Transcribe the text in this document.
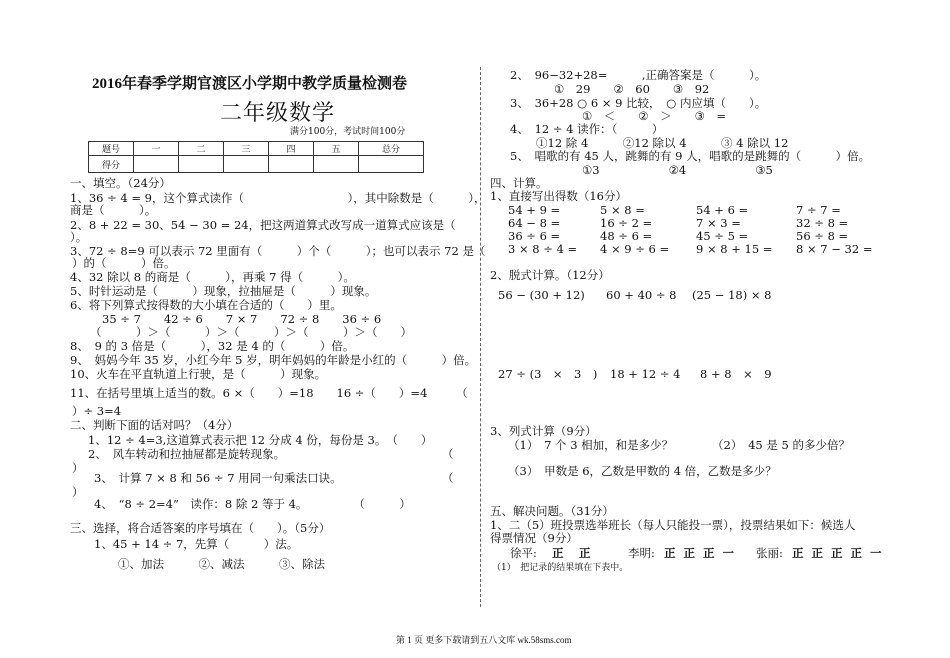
2016年春季学期官渡区小学期中教学质量检测卷
二年级数学
满分100分，考试时间100分
题号	一	二	三	四	五	总分
得分						
一、填空。（24分）
1、36 ÷ 4 = 9，这个算式读作（　　　　　　　　　），其中除数是（　　　），
商是（　　　）。
2、8 + 22 = 30、54 − 30 = 24，把这两道算式改写成一道算式应该是（
）。
3、72 ÷ 8=9 可以表示 72 里面有（　　　）个（　　　）；也可以表示 72 是（
）的（　　　）倍。
4、32 除以 8 的商是（　　　），再乘 7 得（　　　）。
5、时针运动是（　　　）现象，拉抽屉是（　　　）现象。
6、将下列算式按得数的大小填在合适的（　　）里。
35 ÷ 7　　42 ÷ 6　　7 × 7　　72 ÷ 8　　36 ÷ 6
（　　　）＞（　　　）＞（　　　）＞（　　　）＞（　　）
8、　9 的 3 倍是（　　　），32 是 4 的（　　　）倍。
9、　妈妈今年 35 岁，小红今年 5 岁，明年妈妈的年龄是小红的（　　　）倍。
10、火车在平直轨道上行驶，是（　　　）现象。
11、在括号里填上适当的数。6 ×（　　）=18　　16 ÷（　　）=4　　　（
）÷ 3=4
二、判断下面的话对吗？（4分）
1、12 ÷ 4=3,这道算式表示把 12 分成 4 份，每份是 3。　（　　）
2、　风车转动和拉抽屉都是旋转现象。	（
）
3、　计算 7 × 8 和 56 ÷ 7 用同一句乘法口诀。	（
）
4、　“8 ÷ 2=4”　读作：8 除 2 等于 4。　　　　　（　　　）
三、选择，将合适答案的序号填在（　　）。（5分）
1、45 + 14 ÷ 7，先算（　　　）法。
①、加法　　　②、减法　　　③、除法
2、　96−32+28=　　　,正确答案是（　　　）。
①　29　　②　60　　③　92
3、　36+28 ○ 6 × 9 比较，　○ 内应填（　　）。
①　＜　　②　＞　　③　=
4、　12 ÷ 4 读作：（　　　）
①12 除 4　　　②12 除以 4　　　③ 4 除以 12
5、　唱歌的有 45 人，跳舞的有 9 人，唱歌的是跳舞的（　　　）倍。
①3　　　　　　②4　　　　　　③5
四、计算。
1、直接写出得数（16分）
54 + 9 =	5 × 8 =	54 + 6 =	7 ÷ 7 =
64 − 8 =	16 ÷ 2 =	7 × 3 =	32 ÷ 8 =
36 ÷ 6 =	48 ÷ 6 =	45 ÷ 5 =	56 ÷ 8 =
3 × 8 ÷ 4 = 4 × 9 ÷ 6 = 9 × 8 + 15 = 8 × 7 − 32 =
2、脱式计算。（12分）
56 − (30 + 12) 60 + 40 ÷ 8 (25 − 18) × 8
27 ÷ (3　×　3　) 18 + 12 ÷ 4 8 + 8　×　9
3、列式计算（9分）
（1）　7 个 3 相加，和是多少？	（2）　45 是 5 的多少倍？
（3）　甲数是 6，乙数是甲数的 4 倍，乙数是多少？
五、解决问题。（31分）
1、二（5）班投票选举班长（每人只能投一票），投票结果如下：候选人
得票情况（9分）
徐平: 正　正	李明: 正 正 正 一 张丽: 正 正 正 正 一
（1）　把记录的结果填在下表中。
第 1 页 更多下载请到五八文库 wk.58sms.com
